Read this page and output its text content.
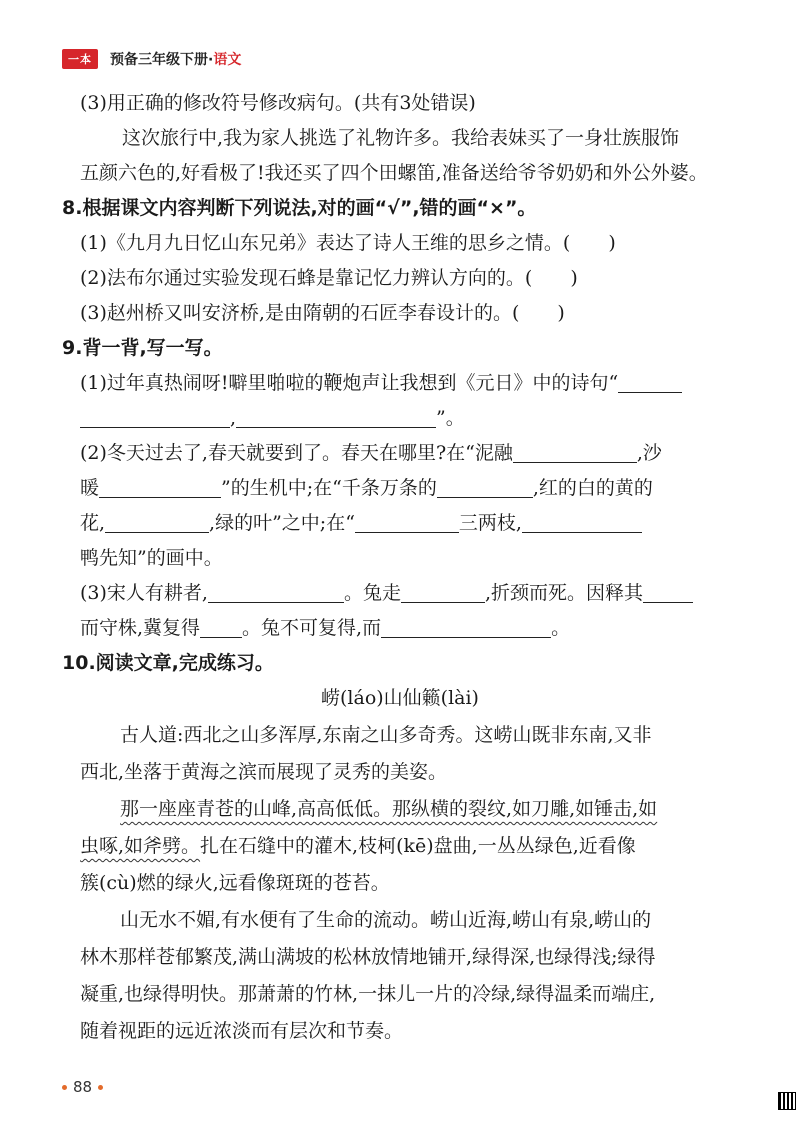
一本	预备三年级下册·语文
(3)用正确的修改符号修改病句。(共有3处错误)
这次旅行中,我为家人挑选了礼物许多。我给表妹买了一身壮族服饰
五颜六色的,好看极了!我还买了四个田螺笛,准备送给爷爷奶奶和外公外婆。
8.根据课文内容判断下列说法,对的画“√”,错的画“×”。
(1)《九月九日忆山东兄弟》表达了诗人王维的思乡之情。(　　)
(2)法布尔通过实验发现石蜂是靠记忆力辨认方向的。(　　)
(3)赵州桥又叫安济桥,是由隋朝的石匠李春设计的。(　　)
9.背一背,写一写。
(1)过年真热闹呀!噼里啪啦的鞭炮声让我想到《元日》中的诗句“
,	”。
(2)冬天过去了,春天就要到了。春天在哪里?在“泥融	,沙
暖	”的生机中;在“千条万条的	,红的白的黄的
花,	,绿的叶”之中;在“	三两枝,
鸭先知”的画中。
(3)宋人有耕者,	。兔走	,折颈而死。因释其
而守株,冀复得 。兔不可复得,而	。
10.阅读文章,完成练习。
崂(láo)山仙籁(lài)
古人道:西北之山多浑厚,东南之山多奇秀。这崂山既非东南,又非
西北,坐落于黄海之滨而展现了灵秀的美姿。
那一座座青苍的山峰,高高低低。那纵横的裂纹,如刀雕,如锤击,如
虫啄,如斧劈。扎在石缝中的灌木,枝柯(kē)盘曲,一丛丛绿色,近看像
簇(cù)燃的绿火,远看像斑斑的苍苔。
山无水不媚,有水便有了生命的流动。崂山近海,崂山有泉,崂山的
林木那样苍郁繁茂,满山满坡的松林放情地铺开,绿得深,也绿得浅;绿得
凝重,也绿得明快。那萧萧的竹林,一抹儿一片的冷绿,绿得温柔而端庄,
随着视距的远近浓淡而有层次和节奏。
88
